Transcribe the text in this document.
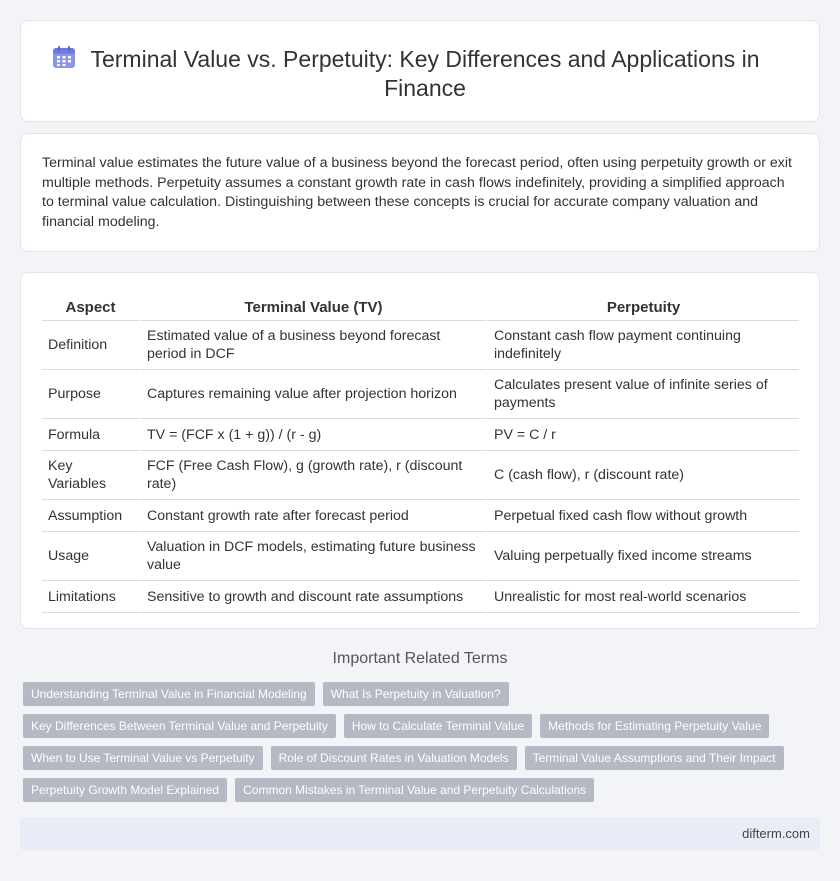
Terminal Value vs. Perpetuity: Key Differences and Applications in Finance

Terminal value estimates the future value of a business beyond the forecast period, often using perpetuity growth or exit multiple methods. Perpetuity assumes a constant growth rate in cash flows indefinitely, providing a simplified approach to terminal value calculation. Distinguishing between these concepts is crucial for accurate company valuation and financial modeling.

Aspect	Terminal Value (TV)	Perpetuity
Definition	Estimated value of a business beyond forecast period in DCF	Constant cash flow payment continuing indefinitely
Purpose	Captures remaining value after projection horizon	Calculates present value of infinite series of payments
Formula	TV = (FCF x (1 + g)) / (r - g)	PV = C / r
Key Variables	FCF (Free Cash Flow), g (growth rate), r (discount rate)	C (cash flow), r (discount rate)
Assumption	Constant growth rate after forecast period	Perpetual fixed cash flow without growth
Usage	Valuation in DCF models, estimating future business value	Valuing perpetually fixed income streams
Limitations	Sensitive to growth and discount rate assumptions	Unrealistic for most real-world scenarios
Important Related Terms
Understanding Terminal Value in Financial Modeling	What Is Perpetuity in Valuation?
Key Differences Between Terminal Value and Perpetuity	How to Calculate Terminal Value	Methods for Estimating Perpetuity Value
When to Use Terminal Value vs Perpetuity	Role of Discount Rates in Valuation Models	Terminal Value Assumptions and Their Impact
Perpetuity Growth Model Explained	Common Mistakes in Terminal Value and Perpetuity Calculations
difterm.com
